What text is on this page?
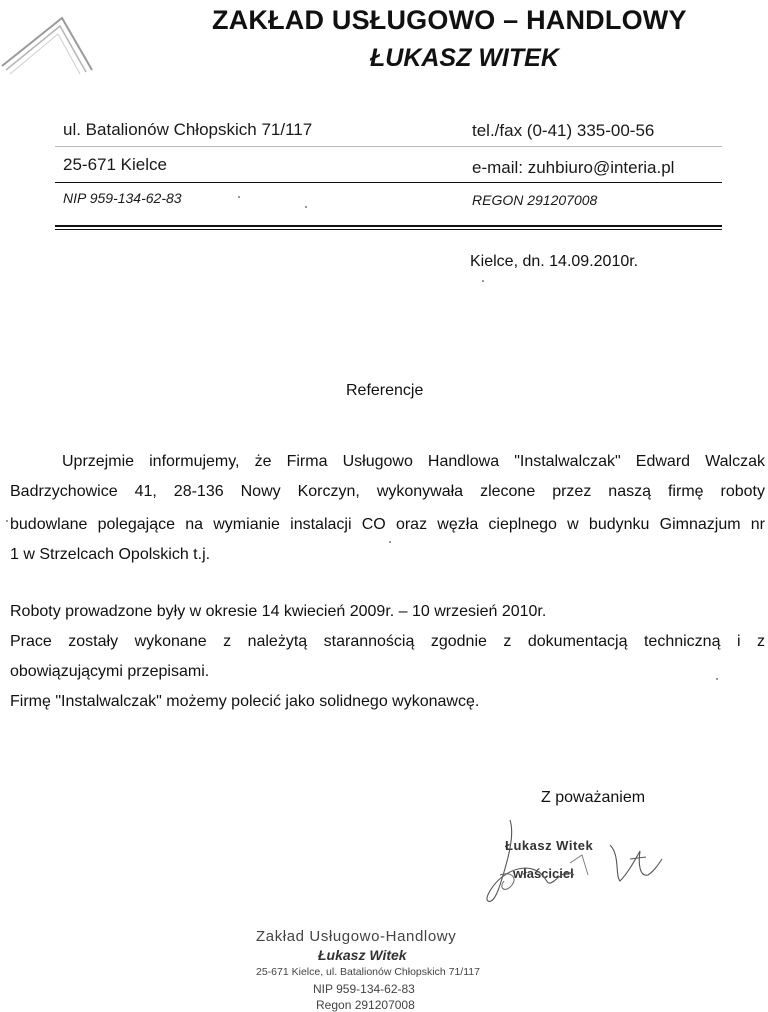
ZAKŁAD USŁUGOWO – HANDLOWY
ŁUKASZ WITEK
ul. Batalionów Chłopskich 71/117	tel./fax (0-41) 335-00-56
25-671 Kielce	e-mail: zuhbiuro@interia.pl
NIP 959-134-62-83	REGON 291207008
Kielce, dn. 14.09.2010r.
Referencje
Uprzejmie informujemy, że Firma Usługowo Handlowa "Instalwalczak" Edward Walczak
Badrzychowice 41, 28-136 Nowy Korczyn, wykonywała zlecone przez naszą firmę roboty
budowlane polegające na wymianie instalacji CO oraz węzła cieplnego w budynku Gimnazjum nr
1 w Strzelcach Opolskich t.j.
Roboty prowadzone były w okresie 14 kwiecień 2009r. – 10 wrzesień 2010r.
Prace zostały wykonane z należytą starannością zgodnie z dokumentacją techniczną i z
obowiązującymi przepisami.
Firmę "Instalwalczak" możemy polecić jako solidnego wykonawcę.
Z poważaniem
Łukasz Witek
właściciel
Zakład Usługowo-Handlowy
Łukasz Witek
25-671 Kielce, ul. Batalionów Chłopskich 71/117
NIP 959-134-62-83
Regon 291207008
